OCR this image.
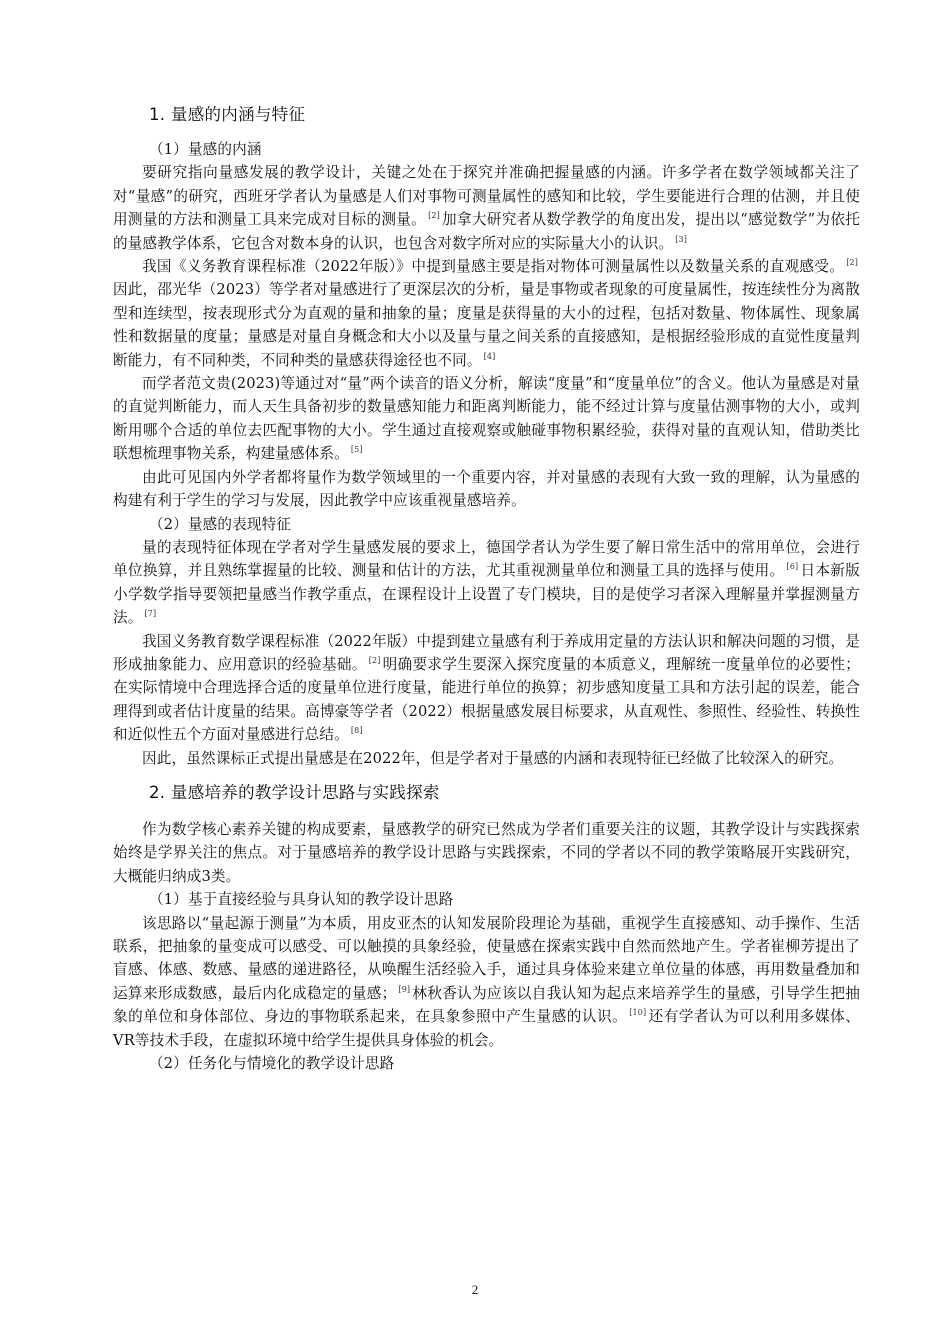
1. 量感的内涵与特征

（1）量感的内涵

要研究指向量感发展的教学设计，关键之处在于探究并准确把握量感的内涵。许多学者在数学领域都关注了对“量感”的研究，西班牙学者认为量感是人们对事物可测量属性的感知和比较，学生要能进行合理的估测，并且使用测量的方法和测量工具来完成对目标的测量。 [2] 加拿大研究者从数学教学的角度出发，提出以“感觉数学”为依托的量感教学体系，它包含对数本身的认识，也包含对数字所对应的实际量大小的认识。 [3]

我国《义务教育课程标准（2022年版）》中提到量感主要是指对物体可测量属性以及数量关系的直观感受。 [2]因此，邵光华（2023）等学者对量感进行了更深层次的分析，量是事物或者现象的可度量属性，按连续性分为离散型和连续型，按表现形式分为直观的量和抽象的量；度量是获得量的大小的过程，包括对数量、物体属性、现象属性和数据量的度量；量感是对量自身概念和大小以及量与量之间关系的直接感知，是根据经验形成的直觉性度量判断能力，有不同种类，不同种类的量感获得途径也不同。 [4]

而学者范文贵(2023)等通过对“量”两个读音的语义分析，解读“度量”和“度量单位”的含义。他认为量感是对量的直觉判断能力，而人天生具备初步的数量感知能力和距离判断能力，能不经过计算与度量估测事物的大小，或判断用哪个合适的单位去匹配事物的大小。学生通过直接观察或触碰事物积累经验，获得对量的直观认知，借助类比联想梳理事物关系，构建量感体系。 [5]

由此可见国内外学者都将量作为数学领域里的一个重要内容，并对量感的表现有大致一致的理解，认为量感的构建有利于学生的学习与发展，因此教学中应该重视量感培养。

（2）量感的表现特征

量的表现特征体现在学者对学生量感发展的要求上，德国学者认为学生要了解日常生活中的常用单位，会进行单位换算，并且熟练掌握量的比较、测量和估计的方法，尤其重视测量单位和测量工具的选择与使用。 [6] 日本新版小学数学指导要领把量感当作教学重点，在课程设计上设置了专门模块，目的是使学习者深入理解量并掌握测量方法。 [7]

我国义务教育数学课程标准（2022年版）中提到建立量感有利于养成用定量的方法认识和解决问题的习惯，是形成抽象能力、应用意识的经验基础。 [2] 明确要求学生要深入探究度量的本质意义，理解统一度量单位的必要性；在实际情境中合理选择合适的度量单位进行度量，能进行单位的换算；初步感知度量工具和方法引起的误差，能合理得到或者估计度量的结果。高博豪等学者（2022）根据量感发展目标要求，从直观性、参照性、经验性、转换性和近似性五个方面对量感进行总结。 [8]

因此，虽然课标正式提出量感是在2022年，但是学者对于量感的内涵和表现特征已经做了比较深入的研究。

2. 量感培养的教学设计思路与实践探索

作为数学核心素养关键的构成要素，量感教学的研究已然成为学者们重要关注的议题，其教学设计与实践探索始终是学界关注的焦点。对于量感培养的教学设计思路与实践探索，不同的学者以不同的教学策略展开实践研究，大概能归纳成3类。

（1）基于直接经验与具身认知的教学设计思路

该思路以“量起源于测量”为本质，用皮亚杰的认知发展阶段理论为基础，重视学生直接感知、动手操作、生活联系，把抽象的量变成可以感受、可以触摸的具象经验，使量感在探索实践中自然而然地产生。学者崔柳芳提出了盲感、体感、数感、量感的递进路径，从唤醒生活经验入手，通过具身体验来建立单位量的体感，再用数量叠加和运算来形成数感，最后内化成稳定的量感； [9] 林秋香认为应该以自我认知为起点来培养学生的量感，引导学生把抽象的单位和身体部位、身边的事物联系起来，在具象参照中产生量感的认识。 [10] 还有学者认为可以利用多媒体、VR等技术手段，在虚拟环境中给学生提供具身体验的机会。

（2）任务化与情境化的教学设计思路

2
